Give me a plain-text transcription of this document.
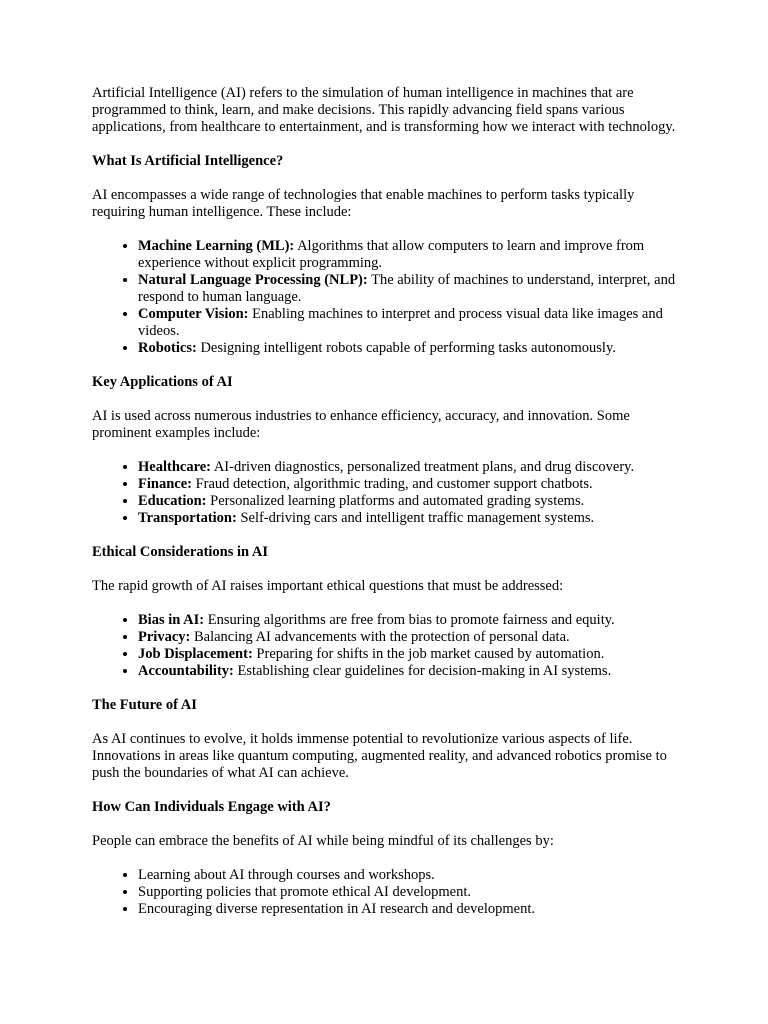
Artificial Intelligence (AI) refers to the simulation of human intelligence in machines that are programmed to think, learn, and make decisions. This rapidly advancing field spans various applications, from healthcare to entertainment, and is transforming how we interact with technology.

What Is Artificial Intelligence?

AI encompasses a wide range of technologies that enable machines to perform tasks typically requiring human intelligence. These include:

• Machine Learning (ML): Algorithms that allow computers to learn and improve from experience without explicit programming.
• Natural Language Processing (NLP): The ability of machines to understand, interpret, and respond to human language.
• Computer Vision: Enabling machines to interpret and process visual data like images and videos.
• Robotics: Designing intelligent robots capable of performing tasks autonomously.
Key Applications of AI

AI is used across numerous industries to enhance efficiency, accuracy, and innovation. Some prominent examples include:

• Healthcare: AI-driven diagnostics, personalized treatment plans, and drug discovery.
• Finance: Fraud detection, algorithmic trading, and customer support chatbots.
• Education: Personalized learning platforms and automated grading systems.
• Transportation: Self-driving cars and intelligent traffic management systems.
Ethical Considerations in AI

The rapid growth of AI raises important ethical questions that must be addressed:

• Bias in AI: Ensuring algorithms are free from bias to promote fairness and equity.
• Privacy: Balancing AI advancements with the protection of personal data.
• Job Displacement: Preparing for shifts in the job market caused by automation.
• Accountability: Establishing clear guidelines for decision-making in AI systems.
The Future of AI

As AI continues to evolve, it holds immense potential to revolutionize various aspects of life. Innovations in areas like quantum computing, augmented reality, and advanced robotics promise to push the boundaries of what AI can achieve.

How Can Individuals Engage with AI?

People can embrace the benefits of AI while being mindful of its challenges by:

• Learning about AI through courses and workshops.
• Supporting policies that promote ethical AI development.
• Encouraging diverse representation in AI research and development.
